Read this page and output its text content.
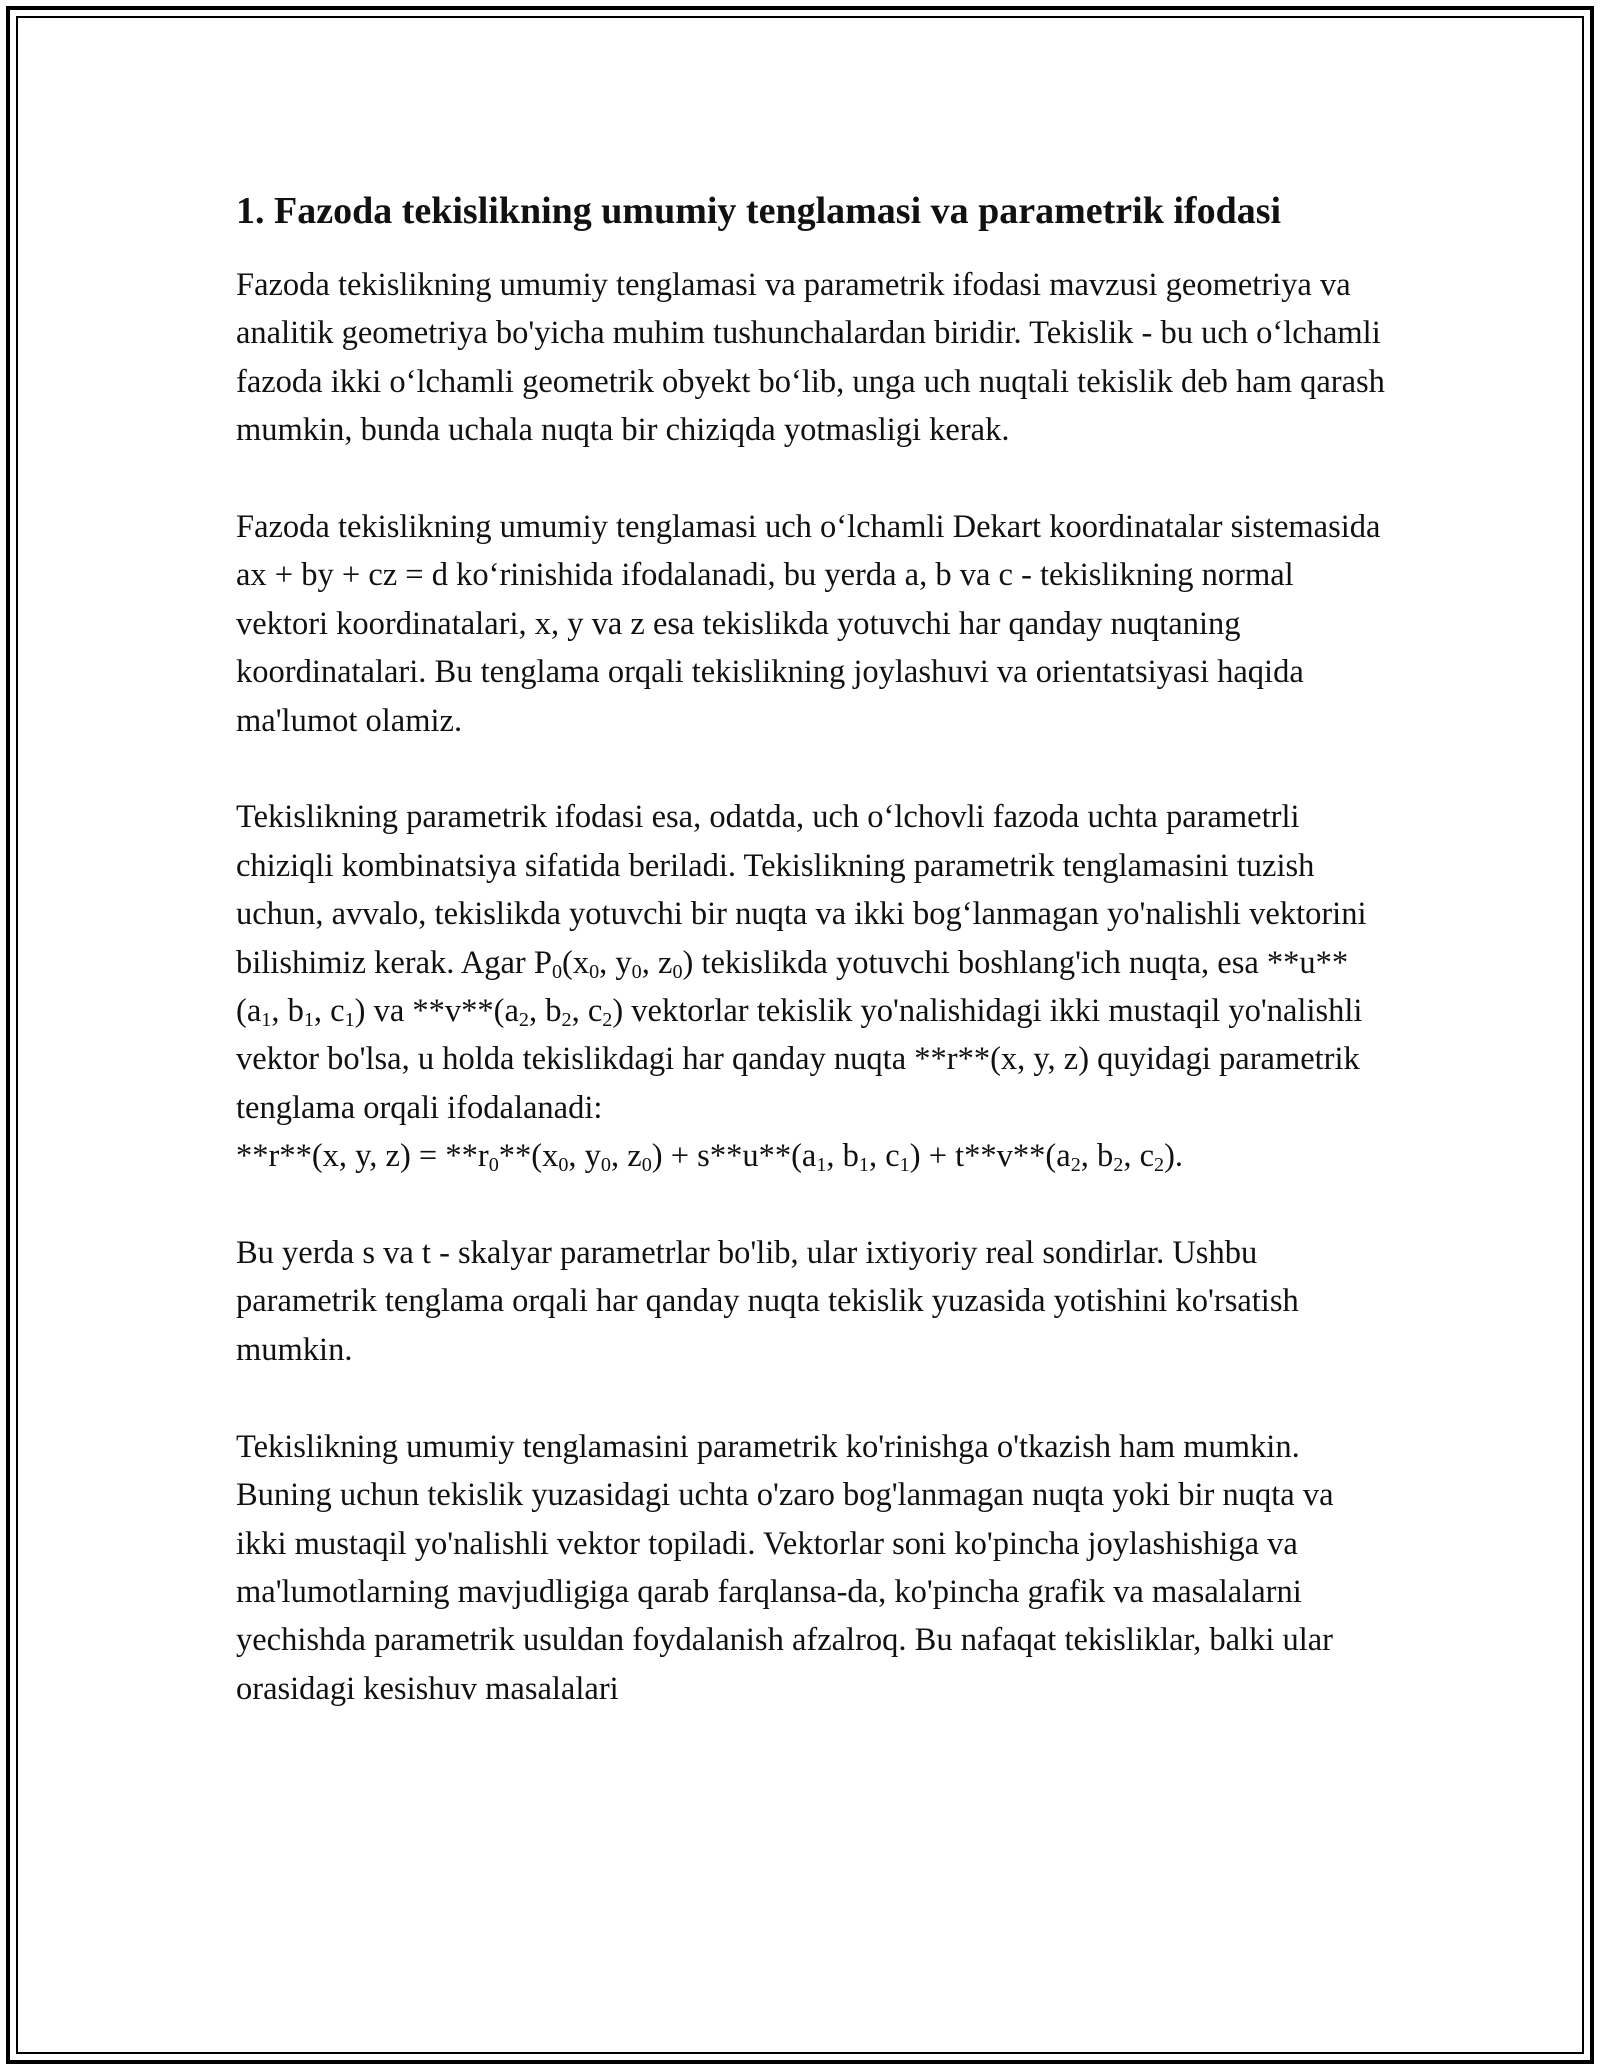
1. Fazoda tekislikning umumiy tenglamasi va parametrik ifodasi

Fazoda tekislikning umumiy tenglamasi va parametrik ifodasi mavzusi geometriya va analitik geometriya bo'yicha muhim tushunchalardan biridir. Tekislik - bu uch o‘lchamli fazoda ikki o‘lchamli geometrik obyekt bo‘lib, unga uch nuqtali tekislik deb ham qarash mumkin, bunda uchala nuqta bir chiziqda yotmasligi kerak.

Fazoda tekislikning umumiy tenglamasi uch o‘lchamli Dekart koordinatalar sistemasida ax + by + cz = d ko‘rinishida ifodalanadi, bu yerda a, b va c - tekislikning normal vektori koordinatalari, x, y va z esa tekislikda yotuvchi har qanday nuqtaning koordinatalari. Bu tenglama orqali tekislikning joylashuvi va orientatsiyasi haqida ma'lumot olamiz.

Tekislikning parametrik ifodasi esa, odatda, uch o‘lchovli fazoda uchta parametrli chiziqli kombinatsiya sifatida beriladi. Tekislikning parametrik tenglamasini tuzish uchun, avvalo, tekislikda yotuvchi bir nuqta va ikki bog‘lanmagan yo'nalishli vektorini bilishimiz kerak. Agar $P_0(x_0$, $y_0$, $z_0$) tekislikda yotuvchi boshlang'ich nuqta, esa $**u**(a_1$, $b_1$, $c_1$) va $**v**(a_2$, $b_2$, $c_2$) vektorlar tekislik yo'nalishidagi ikki mustaqil yo'nalishli vektor bo'lsa, u holda tekislikdagi har qanday nuqta **r**(x, y, z) quyidagi parametrik tenglama orqali ifodalanadi:
**r**(x, y, $z) = **r_0**(x_0$, $y_0$, $z_0) + s**u**(a_1$, $b_1$, $c_1) + t**v**(a_2$, $b_2$, $c_2$).

Bu yerda s va t - skalyar parametrlar bo'lib, ular ixtiyoriy real sondirlar. Ushbu parametrik tenglama orqali har qanday nuqta tekislik yuzasida yotishini ko'rsatish mumkin.

Tekislikning umumiy tenglamasini parametrik ko'rinishga o'tkazish ham mumkin. Buning uchun tekislik yuzasidagi uchta o'zaro bog'lanmagan nuqta yoki bir nuqta va ikki mustaqil yo'nalishli vektor topiladi. Vektorlar soni ko'pincha joylashishiga va ma'lumotlarning mavjudligiga qarab farqlansa-da, ko'pincha grafik va masalalarni yechishda parametrik usuldan foydalanish afzalroq. Bu nafaqat tekisliklar, balki ular orasidagi kesishuv masalalari
